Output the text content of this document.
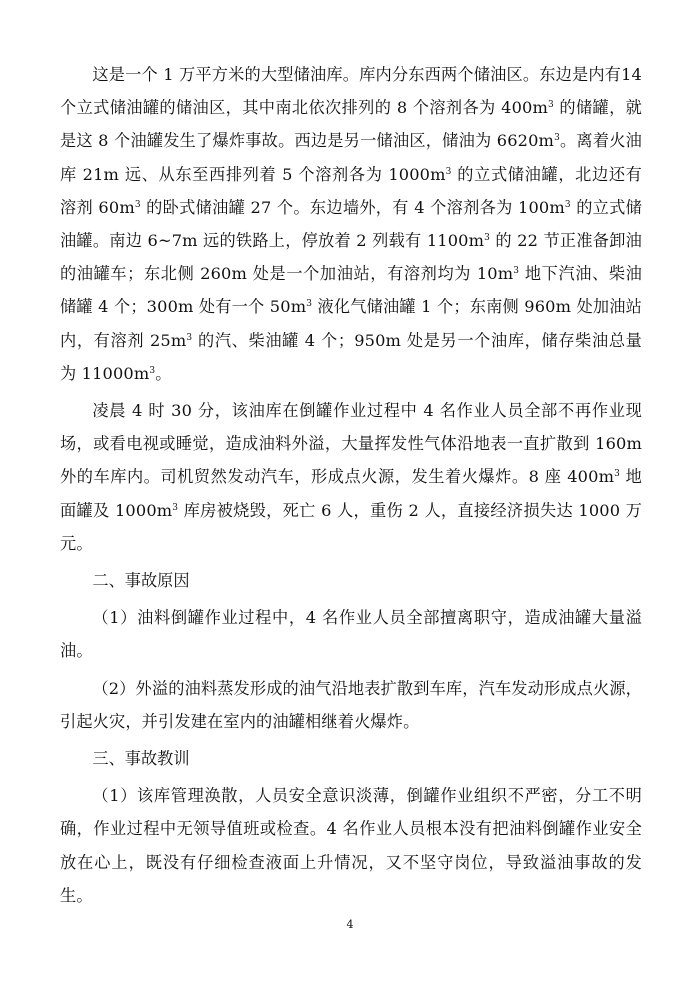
这是一个 1 万平方米的大型储油库。库内分东西两个储油区。东边是内有14 个立式储油罐的储油区，其中南北依次排列的 8 个溶剂各为 $400m^3$ 的储罐，就是这 8 个油罐发生了爆炸事故。西边是另一储油区，储油为 $6620m^3$。离着火油库 21m 远、从东至西排列着 5 个溶剂各为 $1000m^3$ 的立式储油罐，北边还有溶剂 $60m^3$ 的卧式储油罐 27 个。东边墙外，有 4 个溶剂各为 $100m^3$ 的立式储油罐。南边 6~7m 远的铁路上，停放着 2 列载有 $1100m^3$ 的 22 节正准备卸油的油罐车；东北侧 260m 处是一个加油站，有溶剂均为 $10m^3$ 地下汽油、柴油储罐 4 个；300m 处有一个 $50m^3$ 液化气储油罐 1 个；东南侧 960m 处加油站内，有溶剂 $25m^3$ 的汽、柴油罐 4 个；950m 处是另一个油库，储存柴油总量为 $11000m^3$。

凌晨 4 时 30 分，该油库在倒罐作业过程中 4 名作业人员全部不再作业现场，或看电视或睡觉，造成油料外溢，大量挥发性气体沿地表一直扩散到 160m 外的车库内。司机贸然发动汽车，形成点火源，发生着火爆炸。8 座 $400m^3$ 地面罐及 $1000m^3$ 库房被烧毁，死亡 6 人，重伤 2 人，直接经济损失达 1000 万元。

二、事故原因

（1）油料倒罐作业过程中，4 名作业人员全部擅离职守，造成油罐大量溢油。

（2）外溢的油料蒸发形成的油气沿地表扩散到车库，汽车发动形成点火源，引起火灾，并引发建在室内的油罐相继着火爆炸。

三、事故教训

（1）该库管理涣散，人员安全意识淡薄，倒罐作业组织不严密，分工不明确，作业过程中无领导值班或检查。4 名作业人员根本没有把油料倒罐作业安全放在心上，既没有仔细检查液面上升情况，又不坚守岗位，导致溢油事故的发生。

4
